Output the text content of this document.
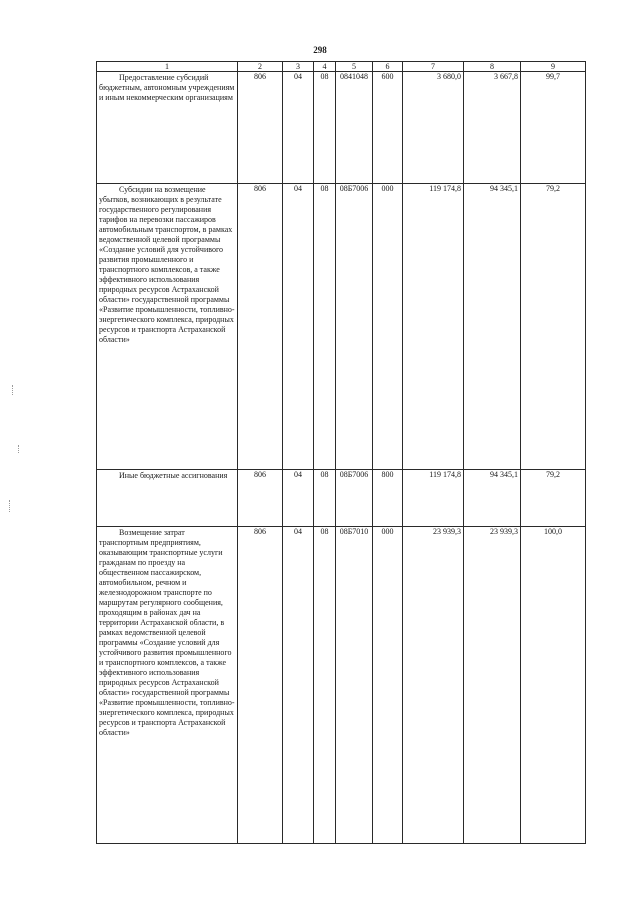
298
1	2	3	4	5	6	7	8	9

Предоставление субсидий бюджетным, автономным учреждениям и иным некоммерческим организациям	806	04	08	0841048	600	3 680,0	3 667,8	99,7

Субсидии на возмещение убытков, возникающих в результате государственного регулирования тарифов на перевозки пассажиров автомобильным транспортом, в рамках ведомственной целевой программы «Создание условий для устойчивого развития промышленного и транспортного комплексов, а также эффективного использования природных ресурсов Астраханской области» государственной программы «Развитие промышленности, топливно-энергетического комплекса, природных ресурсов и транспорта Астраханской области»	806	04	08	08Б7006	000	119 174,8	94 345,1	79,2

Иные бюджетные ассигнования	806	04	08	08Б7006	800	119 174,8	94 345,1	79,2

Возмещение затрат транспортным предприятиям, оказывающим транспортные услуги гражданам по проезду на общественном пассажирском, автомобильном, речном и железнодорожном транспорте по маршрутам регулярного сообщения, проходящим в районах дач на территории Астраханской области, в рамках ведомственной целевой программы «Создание условий для устойчивого развития промышленного и транспортного комплексов, а также эффективного использования природных ресурсов Астраханской области» государственной программы «Развитие промышленности, топливно-энергетического комплекса, природных ресурсов и транспорта Астраханской области»	806	04	08	08Б7010	000	23 939,3	23 939,3	100,0
